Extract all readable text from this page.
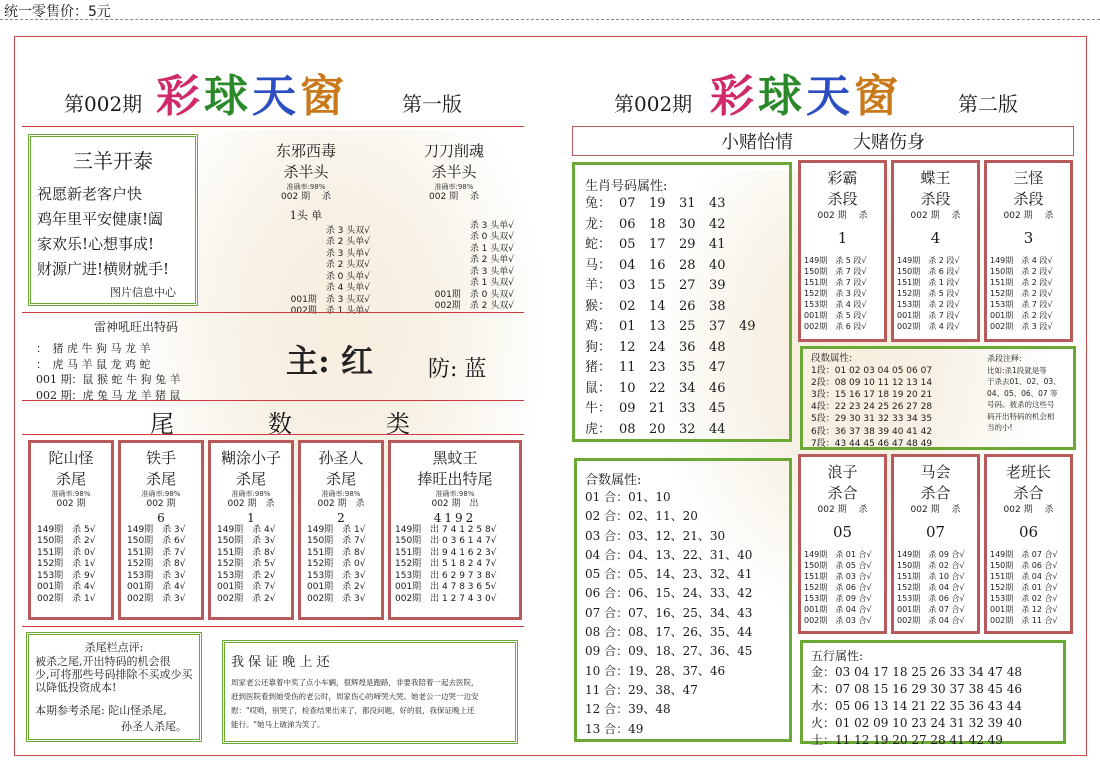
统一零售价：5元
第002期 彩球天窗	第一版
三羊开泰
祝愿新老客户快
鸡年里平安健康!阖
家欢乐!心想事成!
财源广进!横财就手!
图片信息中心
东邪西毒
杀半头
准确率:98%
002 期　 杀
1头 单
杀 3 头双√
杀 2 头单√
杀 3 头单√
杀 2 头双√
杀 0 头单√
杀 4 头单√
001期　杀 3 头双√
002期　杀 1 头单√
刀刀削魂
杀半头
准确率:98%
002 期　 杀
杀 3 头单√
杀 0 头双√
杀 1 头双√
杀 2 头单√
杀 3 头单√
杀 1 头双√
001期　杀 0 头双√
002期　杀 2 头双√
雷神吼旺出特码
：　猪 虎 牛 狗 马 龙 羊
：　虎 马 羊 鼠 龙 鸡 蛇
001 期：鼠 猴 蛇 牛 狗 兔 羊
002 期：虎 兔 马 龙 羊 猪 鼠
主: 红	防: 蓝
尾	数	类
陀山怪
杀尾
准确率:98%
002 期
149期　杀 5√
150期　杀 2√
151期　杀 0√
152期　杀 1√
153期　杀 9√
001期　杀 4√
002期　杀 1√
铁手
杀尾
准确率:98%
002 期
6
149期　杀 3√
150期　杀 6√
151期　杀 7√
152期　杀 8√
153期　杀 3√
001期　杀 4√
002期　杀 3√
糊涂小子
杀尾
准确率:98%
002 期　杀
1
149期　杀 4√
150期　杀 3√
151期　杀 8√
152期　杀 5√
153期　杀 2√
001期　杀 7√
002期　杀 2√
孙圣人
杀尾
准确率:98%
002 期　杀
2
149期　杀 1√
150期　杀 7√
151期　杀 8√
152期　杀 0√
153期　杀 3√
001期　杀 2√
002期　杀 3√
黑蚊王
捧旺出特尾
准确率:98%
002 期　出
4192
149期　出 7 4 1 2 5 8√
150期　出 0 3 6 1 4 7√
151期　出 9 4 1 6 2 3√
152期　出 5 1 8 2 4 7√
153期　出 6 2 9 7 3 8√
001期　出 4 7 8 3 6 5√
002期　出 1 2 7 4 3 0√
杀尾栏点评:
被杀之尾,开出特码的机会很
少,可将那些号码排除不买或少买
以降低投资成本!
本期参考杀尾: 陀山怪杀尾,
孙圣人杀尾。
我 保 证 晚 上 还
周家老公还靠着中奖了点小车辆，很辉煌是跑路，非要我陪着一起去医院，
赶到医院看到她受伤的老公时，周家伤心的啼哭大哭。她老公一边哭一边安
慰："哎哟，别哭了，检查结果出来了，都没问题，好的很，我保证晚上还
能行。"她马上破涕为笑了。
第002期 彩球天窗	第二版
小赌怡情	大赌伤身
生肖号码属性:
兔： 07	19	31	43
龙： 06	18	30	42
蛇： 05	17	29	41
马： 04	16	28	40
羊： 03	15	27	39
猴： 02	14	26	38
鸡： 01	13	25	37	49
狗： 12	24	36	48
猪： 11	23	35	47
鼠： 10	22	34	46
牛： 09	21	33	45
虎： 08	20	32	44
彩霸
杀段
002 期　 杀
1
149期　杀 5 段√
150期　杀 7 段√
151期　杀 7 段√
152期　杀 3 段√
153期　杀 4 段√
001期　杀 5 段√
002期　杀 6 段√
蝶王
杀段
002 期　 杀
4
149期　杀 2 段√
150期　杀 6 段√
151期　杀 1 段√
152期　杀 5 段√
153期　杀 2 段√
001期　杀 7 段√
002期　杀 4 段√
三怪
杀段
002 期　 杀
3
149期　杀 4 段√
150期　杀 2 段√
151期　杀 2 段√
152期　杀 2 段√
153期　杀 7 段√
001期　杀 2 段√
002期　杀 3 段√
段数属性:
1段：01 02 03 04 05 06 07
2段：08 09 10 11 12 13 14
3段：15 16 17 18 19 20 21
4段：22 23 24 25 26 27 28
5段：29 30 31 32 33 34 35
6段：36 37 38 39 40 41 42
7段：43 44 45 46 47 48 49
杀段注释:
比如:杀1段就是等
于杀去01、02、03、
04、05、06、07 等
号码。被杀的这些号
码开出特码的机会相
当的小!
合数属性:
01 合：01、10
02 合：02、11、20
03 合：03、12、21、30
04 合：04、13、22、31、40
05 合：05、14、23、32、41
06 合：06、15、24、33、42
07 合：07、16、25、34、43
08 合：08、17、26、35、44
09 合：09、18、27、36、45
10 合：19、28、37、46
11 合：29、38、47
12 合：39、48
13 合：49
浪子
杀合
002 期　 杀
05
149期　杀 01 合√
150期　杀 05 合√
151期　杀 03 合√
152期　杀 06 合√
153期　杀 09 合√
001期　杀 04 合√
002期　杀 03 合√
马会
杀合
002 期　 杀
07
149期　杀 09 合√
150期　杀 02 合√
151期　杀 10 合√
152期　杀 04 合√
153期　杀 06 合√
001期　杀 07 合√
002期　杀 04 合√
老班长
杀合
002 期　 杀
06
149期　杀 07 合√
150期　杀 06 合√
151期　杀 04 合√
152期　杀 01 合√
153期　杀 02 合√
001期　杀 12 合√
002期　杀 11 合√
五行属性:
金：03 04 17 18 25 26 33 34 47 48
木：07 08 15 16 29 30 37 38 45 46
水：05 06 13 14 21 22 35 36 43 44
火：01 02 09 10 23 24 31 32 39 40
土：11 12 19 20 27 28 41 42 49
